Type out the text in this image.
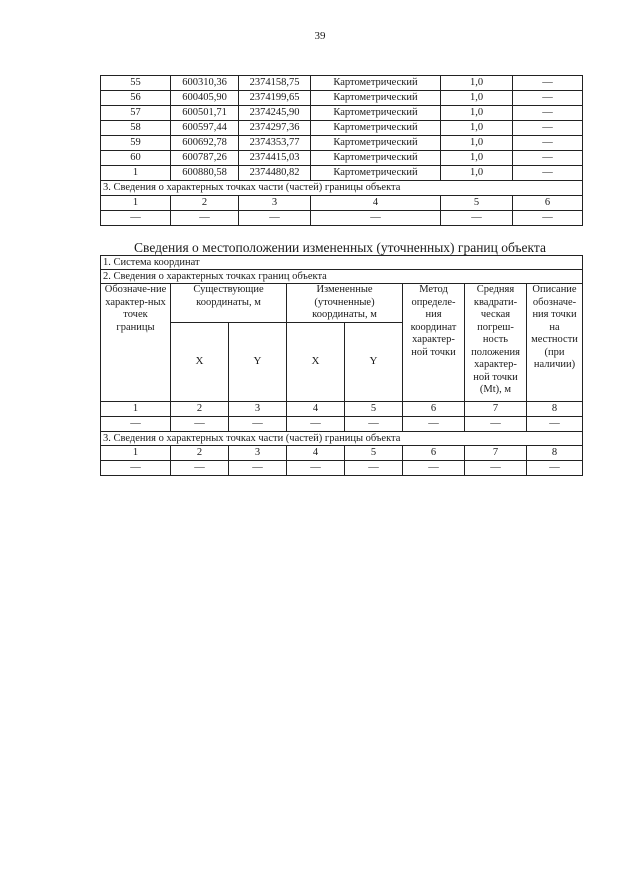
39
55	600310,36	2374158,75	Картометрический	1,0	—
56	600405,90	2374199,65	Картометрический	1,0	—
57	600501,71	2374245,90	Картометрический	1,0	—
58	600597,44	2374297,36	Картометрический	1,0	—
59	600692,78	2374353,77	Картометрический	1,0	—
60	600787,26	2374415,03	Картометрический	1,0	—
1	600880,58	2374480,82	Картометрический	1,0	—
3. Сведения о характерных точках части (частей) границы объекта					
1	2	3	4	5	6
—	—	—	—	—	—
Сведения о местоположении измененных (уточненных) границ объекта
1. Система координат							
2. Сведения о характерных точках границ объекта							
Обозначе-ние характер-ных точек границы	Существующие координаты, м		Измененные (уточненные) координаты, м		Метод определе-ния координат характер-ной точки	Средняя квадрати-ческая погреш-ность положения характер-ной точки (Mt), м	Описание обозначе-ния точки на местности (при наличии)
	X	Y	X	Y			
1	2	3	4	5	6	7	8
—	—	—	—	—	—	—	—
3. Сведения о характерных точках части (частей) границы объекта							
1	2	3	4	5	6	7	8
—	—	—	—	—	—	—	—
